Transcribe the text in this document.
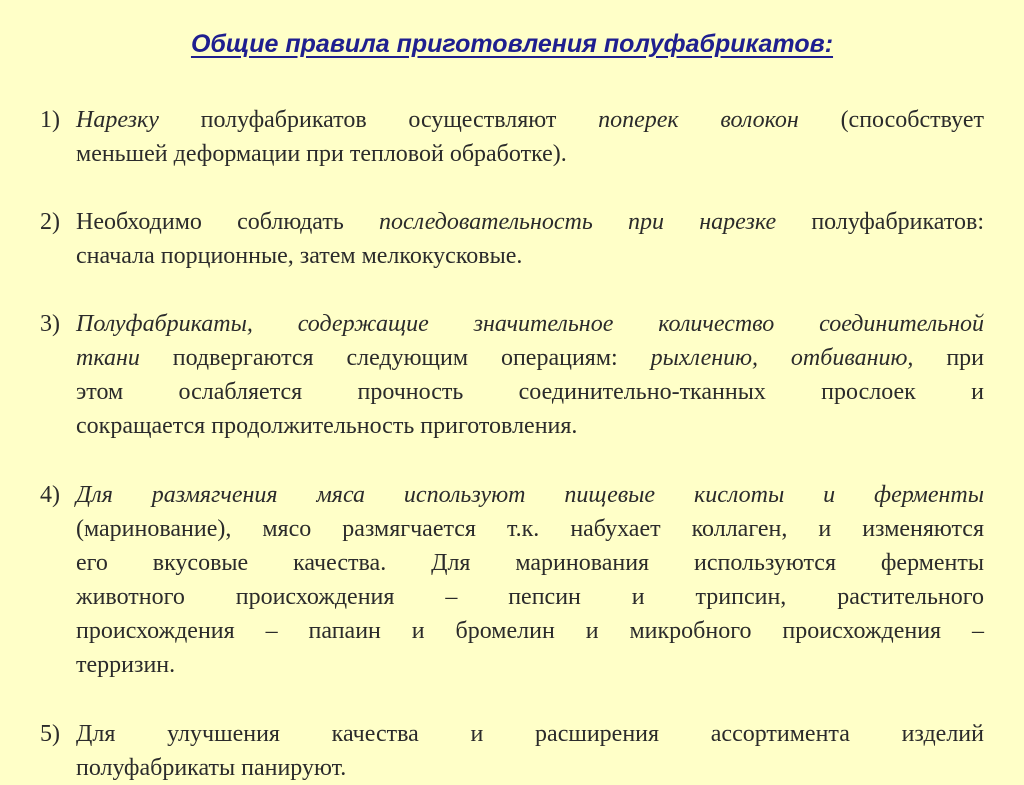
Общие правила приготовления полуфабрикатов:
1) Нарезку полуфабрикатов осуществляют поперек волокон (способствует
меньшей деформации при тепловой обработке).
2) Необходимо соблюдать последовательность при нарезке полуфабрикатов:
сначала порционные, затем мелкокусковые.
3) Полуфабрикаты, содержащие значительное количество соединительной
ткани подвергаются следующим операциям: рыхлению, отбиванию, при
этом ослабляется прочность соединительно-тканных прослоек и
сокращается продолжительность приготовления.
4) Для размягчения мяса используют пищевые кислоты и ферменты
(маринование), мясо размягчается т.к. набухает коллаген, и изменяются
его вкусовые качества. Для маринования используются ферменты
животного происхождения – пепсин и трипсин, растительного
происхождения – папаин и бромелин и микробного происхождения –
терризин.
5) Для улучшения качества и расширения ассортимента изделий
полуфабрикаты панируют.
